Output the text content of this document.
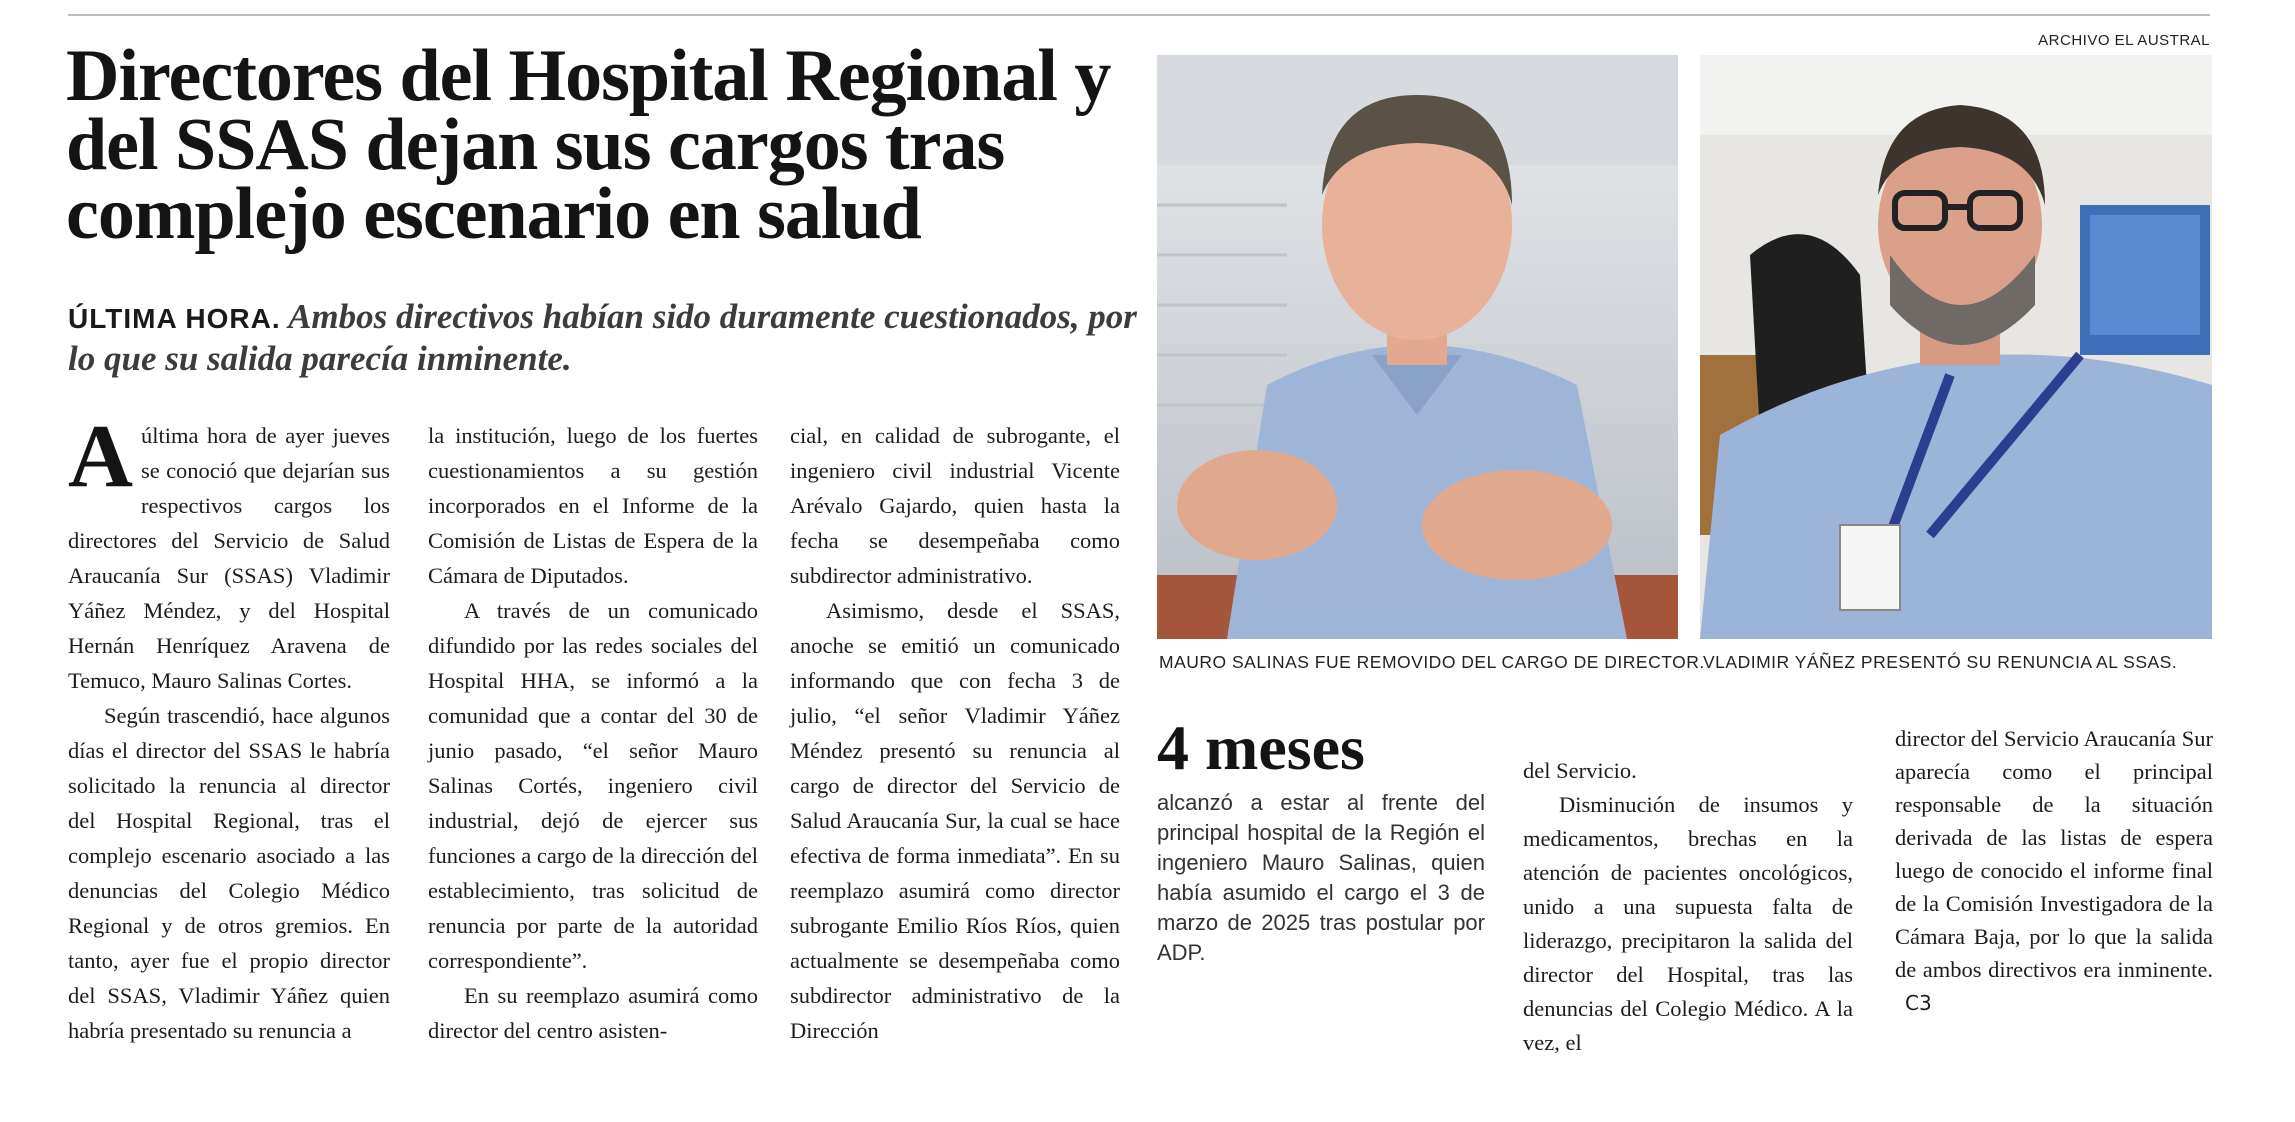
ARCHIVO EL AUSTRAL
Directores del Hospital Regional y del SSAS dejan sus cargos tras complejo escenario en salud

ÚLTIMA HORA. Ambos directivos habían sido duramente cuestionados, por lo que su salida parecía inminente.

Aúltima hora de ayer jueves se conoció que dejarían sus respectivos cargos los directores del Servicio de Salud Araucanía Sur (SSAS) Vladimir Yáñez Méndez, y del Hospital Hernán Henríquez Aravena de Temuco, Mauro Salinas Cortes.

Según trascendió, hace algunos días el director del SSAS le habría solicitado la renuncia al director del Hospital Regional, tras el complejo escenario asociado a las denuncias del Colegio Médico Regional y de otros gremios. En tanto, ayer fue el propio director del SSAS, Vladimir Yáñez quien habría presentado su renuncia a

la institución, luego de los fuertes cuestionamientos a su gestión incorporados en el Informe de la Comisión de Listas de Espera de la Cámara de Diputados.

A través de un comunicado difundido por las redes sociales del Hospital HHA, se informó a la comunidad que a contar del 30 de junio pasado, “el señor Mauro Salinas Cortés, ingeniero civil industrial, dejó de ejercer sus funciones a cargo de la dirección del establecimiento, tras solicitud de renuncia por parte de la autoridad correspondiente”.

En su reemplazo asumirá como director del centro asisten-

cial, en calidad de subrogante, el ingeniero civil industrial Vicente Arévalo Gajardo, quien hasta la fecha se desempeñaba como subdirector administrativo.

Asimismo, desde el SSAS, anoche se emitió un comunicado informando que con fecha 3 de julio, “el señor Vladimir Yáñez Méndez presentó su renuncia al cargo de director del Servicio de Salud Araucanía Sur, la cual se hace efectiva de forma inmediata”. En su reemplazo asumirá como director subrogante Emilio Ríos Ríos, quien actualmente se desempeñaba como subdirector administrativo de la Dirección

MAURO SALINAS FUE REMOVIDO DEL CARGO DE DIRECTOR.
VLADIMIR YÁÑEZ PRESENTÓ SU RENUNCIA AL SSAS.
4 meses
alcanzó a estar al frente del principal hospital de la Región el ingeniero Mauro Salinas, quien había asumido el cargo el 3 de marzo de 2025 tras postular por ADP.

del Servicio.

Disminución de insumos y medicamentos, brechas en la atención de pacientes oncológicos, unido a una supuesta falta de liderazgo, precipitaron la salida del director del Hospital, tras las denuncias del Colegio Médico. A la vez, el

director del Servicio Araucanía Sur aparecía como el principal responsable de la situación derivada de las listas de espera luego de conocido el informe final de la Comisión Investigadora de la Cámara Baja, por lo que la salida de ambos directivos era inminente.C3
